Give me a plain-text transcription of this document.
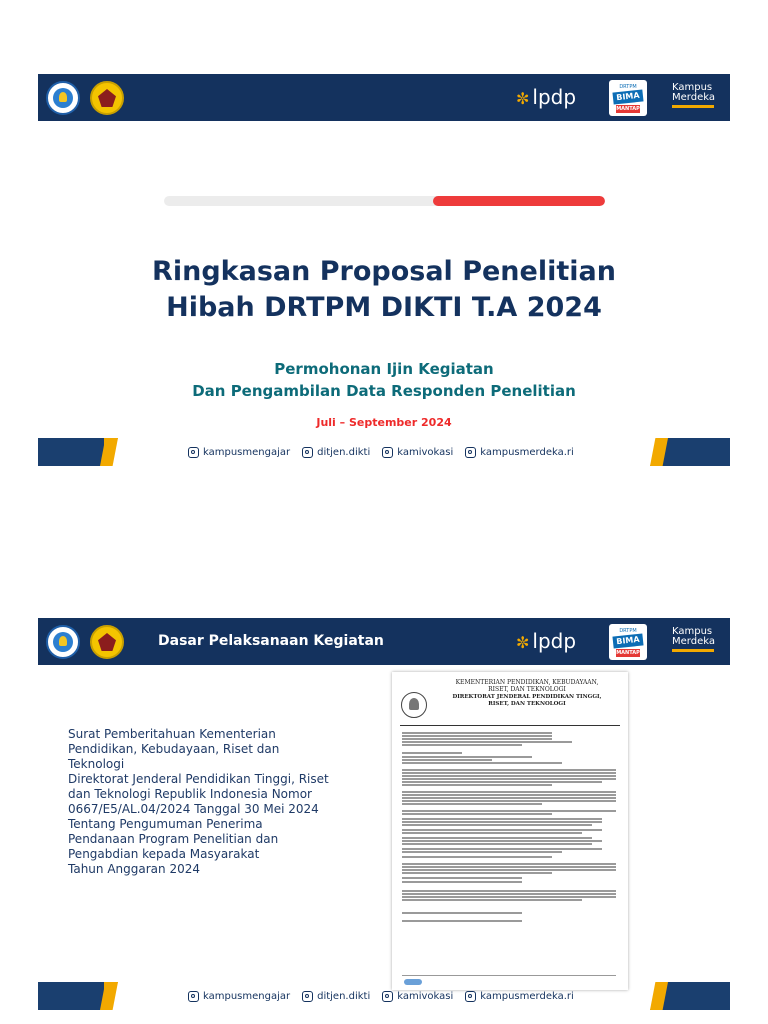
✼ lpdp	DRTPM
BIMA
MANTAP
Kampus
Merdeka
Ringkasan Proposal Penelitian
Hibah DRTPM DIKTI T.A 2024
Permohonan Ijin Kegiatan
Dan Pengambilan Data Responden Penelitian
Juli – September 2024
kampusmengajar	ditjen.dikti	kamivokasi	kampusmerdeka.ri
Dasar Pelaksanaan Kegiatan	✼ lpdp	DRTPM
BIMA
MANTAP
Kampus
Merdeka
Surat Pemberitahuan Kementerian
Pendidikan, Kebudayaan, Riset dan
Teknologi
Direktorat Jenderal Pendidikan Tinggi, Riset
dan Teknologi Republik Indonesia Nomor
0667/E5/AL.04/2024 Tanggal 30 Mei 2024
Tentang Pengumuman Penerima
Pendanaan Program Penelitian dan
Pengabdian kepada Masyarakat
Tahun Anggaran 2024
KEMENTERIAN PENDIDIKAN, KEBUDAYAAN,
RISET, DAN TEKNOLOGI
DIREKTORAT JENDERAL PENDIDIKAN TINGGI,
RISET, DAN TEKNOLOGI
kampusmengajar	ditjen.dikti	kamivokasi	kampusmerdeka.ri
